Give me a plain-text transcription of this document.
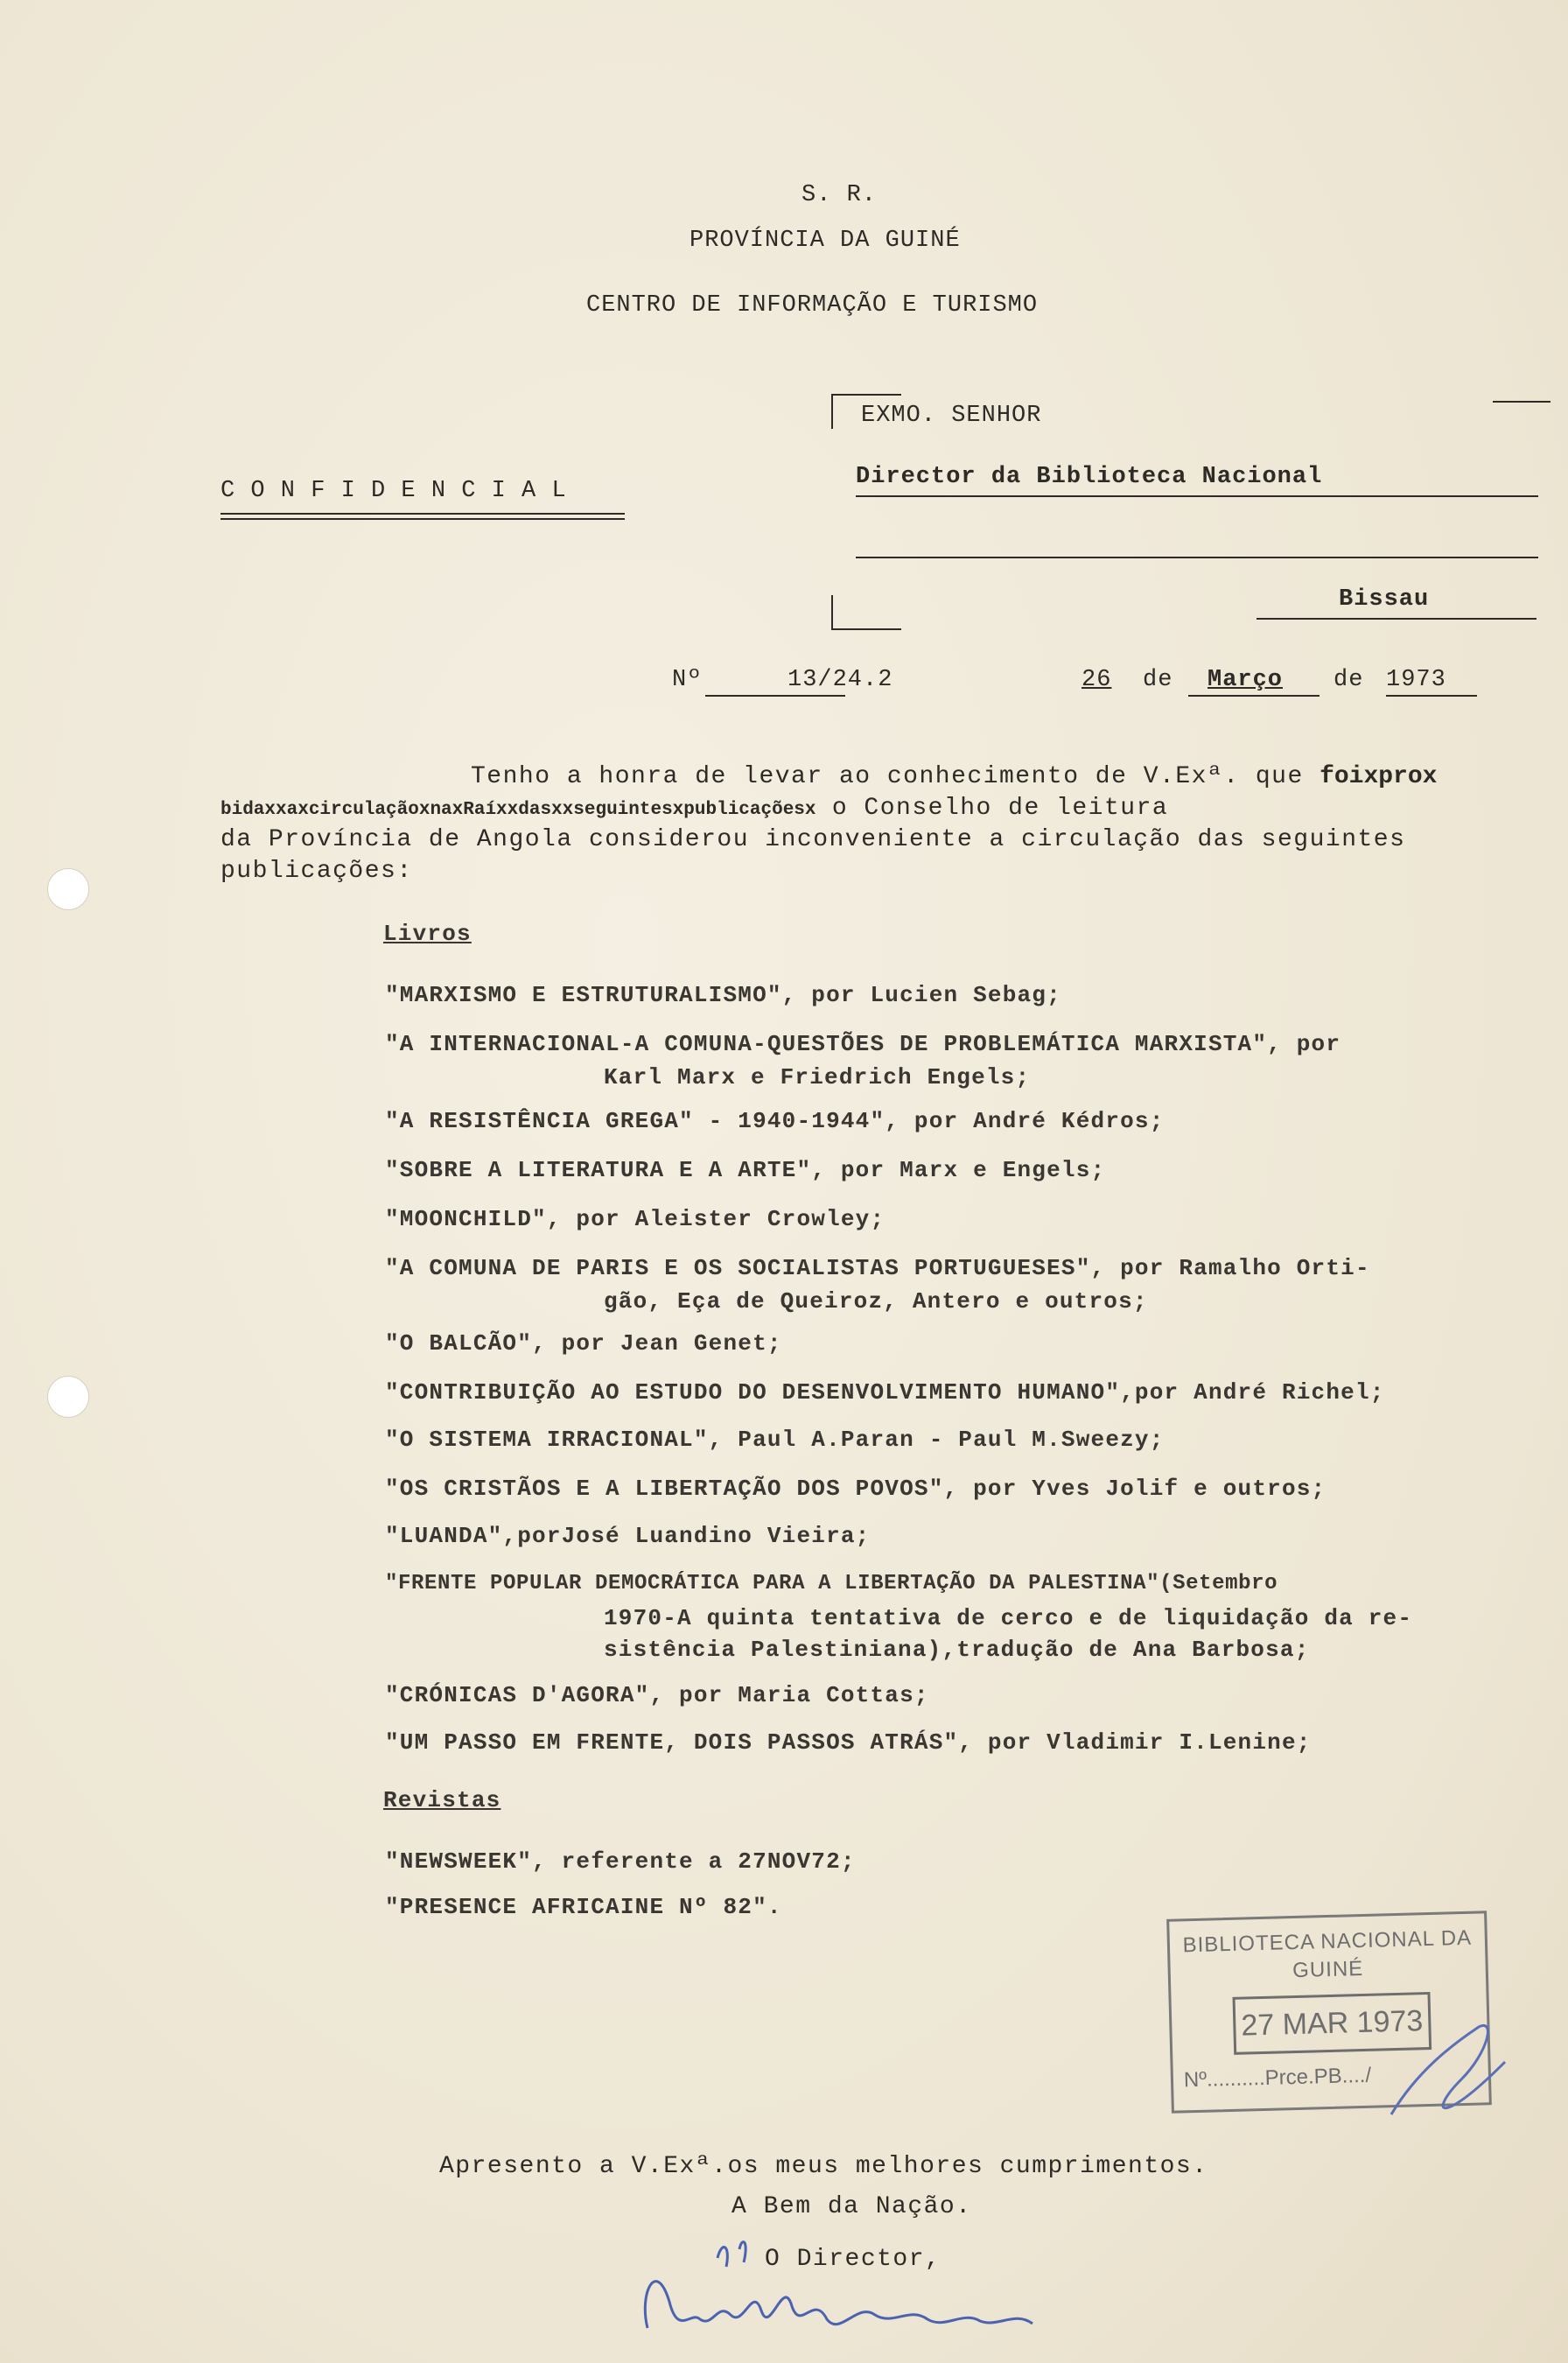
S. R.
PROVÍNCIA DA GUINÉ
CENTRO DE INFORMAÇÃO E TURISMO
C O N F I D E N C I A L
EXMO. SENHOR
Director da Biblioteca Nacional
Bissau
Nº	13/24.2	26 de Março de 1973
Tenho a honra de levar ao conhecimento de V.Exª. que foixprox
bidaxxaxcirculaçãoxnaxRaíxxdasxxseguintesxpublicaçõesx o Conselho de leitura
da Província de Angola considerou inconveniente a circulação das seguintes
publicações:
Livros
"MARXISMO E ESTRUTURALISMO", por Lucien Sebag;
"A INTERNACIONAL-A COMUNA-QUESTÕES DE PROBLEMÁTICA MARXISTA", por
Karl Marx e Friedrich Engels;
"A RESISTÊNCIA GREGA" - 1940-1944", por André Kédros;
"SOBRE A LITERATURA E A ARTE", por Marx e Engels;
"MOONCHILD", por Aleister Crowley;
"A COMUNA DE PARIS E OS SOCIALISTAS PORTUGUESES", por Ramalho Orti-
gão, Eça de Queiroz, Antero e outros;
"O BALCÃO", por Jean Genet;
"CONTRIBUIÇÃO AO ESTUDO DO DESENVOLVIMENTO HUMANO",por André Richel;
"O SISTEMA IRRACIONAL", Paul A.Paran - Paul M.Sweezy;
"OS CRISTÃOS E A LIBERTAÇÃO DOS POVOS", por Yves Jolif e outros;
"LUANDA",porJosé Luandino Vieira;
"FRENTE POPULAR DEMOCRÁTICA PARA A LIBERTAÇÃO DA PALESTINA"(Setembro
1970-A quinta tentativa de cerco e de liquidação da re-
sistência Palestiniana),tradução de Ana Barbosa;
"CRÓNICAS D'AGORA", por Maria Cottas;
"UM PASSO EM FRENTE, DOIS PASSOS ATRÁS", por Vladimir I.Lenine;
Revistas
"NEWSWEEK", referente a 27NOV72;
"PRESENCE AFRICAINE Nº 82".
BIBLIOTECA NACIONAL DA
GUINÉ
27 MAR 1973
Nº..........Prce.PB..../
Apresento a V.Exª.os meus melhores cumprimentos.
A Bem da Nação.
O Director,
